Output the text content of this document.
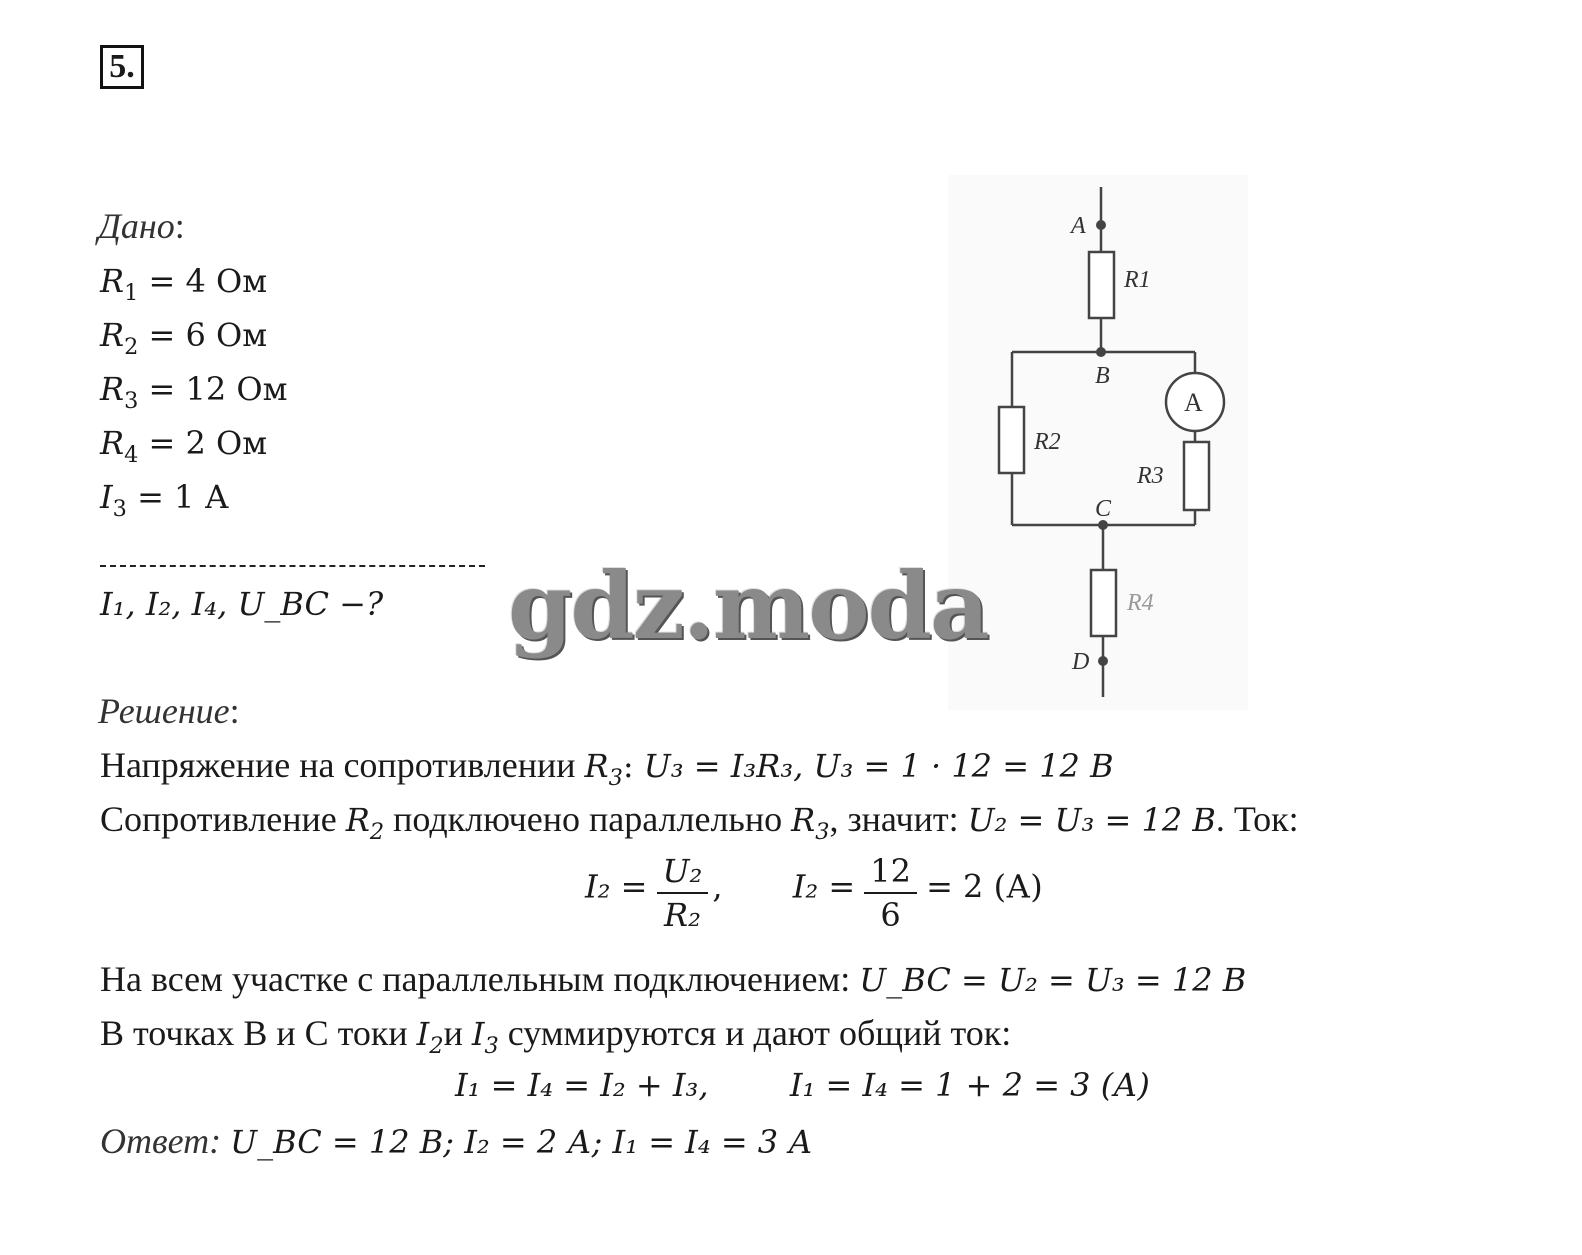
5.
Дано:
$R_1 = 4$ Ом
$R_2 = 6$ Ом
$R_3 = 12$ Ом
$R_4 = 2$ Ом
$I_3 = 1$ А
I₁, I₂, I₄, U_BC −?
A
R1
B
A
R2
R3
C
R4
D
gdz.moda
Решение:
Напряжение на сопротивлении $R_3$: U₃ = I₃R₃, U₃ = 1 · 12 = 12 В
Сопротивление $R_2$ подключено параллельно $R_3$, значит: U₂ = U₃ = 12 В. Ток:
$I_2 = \frac{\text{U₂}}{\text{R₂}}$ , $I_2 = \frac{12}{6} = 2$ (А)
На всем участке с параллельным подключением: U_BC = U₂ = U₃ = 12 В
В точках B и C токи $I_2и$ $I_3$ суммируются и дают общий ток:
I₁ = I₄ = I₂ + I₃,        I₁ = I₄ = 1 + 2 = 3 (А)
Ответ: U_BC = 12 В; I₂ = 2 А; I₁ = I₄ = 3 А
